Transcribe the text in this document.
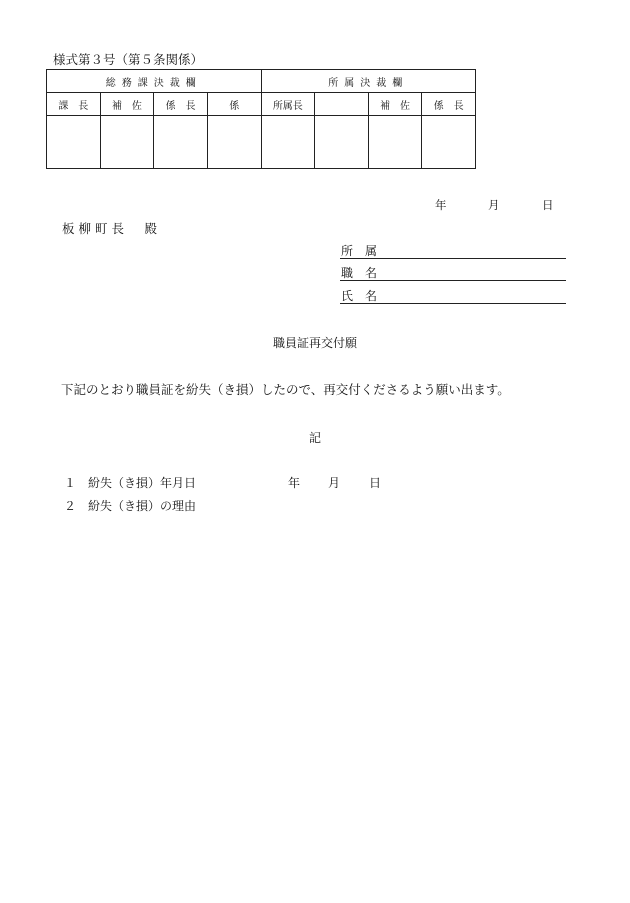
様式第３号（第５条関係）
総務課決裁欄				所属決裁欄			
課　長	補　佐	係　長	係	所属長		補　佐	係　長

年	月	日
板柳町長　殿
所　属
職　名
氏　名
職員証再交付願
下記のとおり職員証を紛失（き損）したので、再交付くださるよう願い出ます。
記
１ 紛失（き損）年月日	年 月 日
２ 紛失（き損）の理由
